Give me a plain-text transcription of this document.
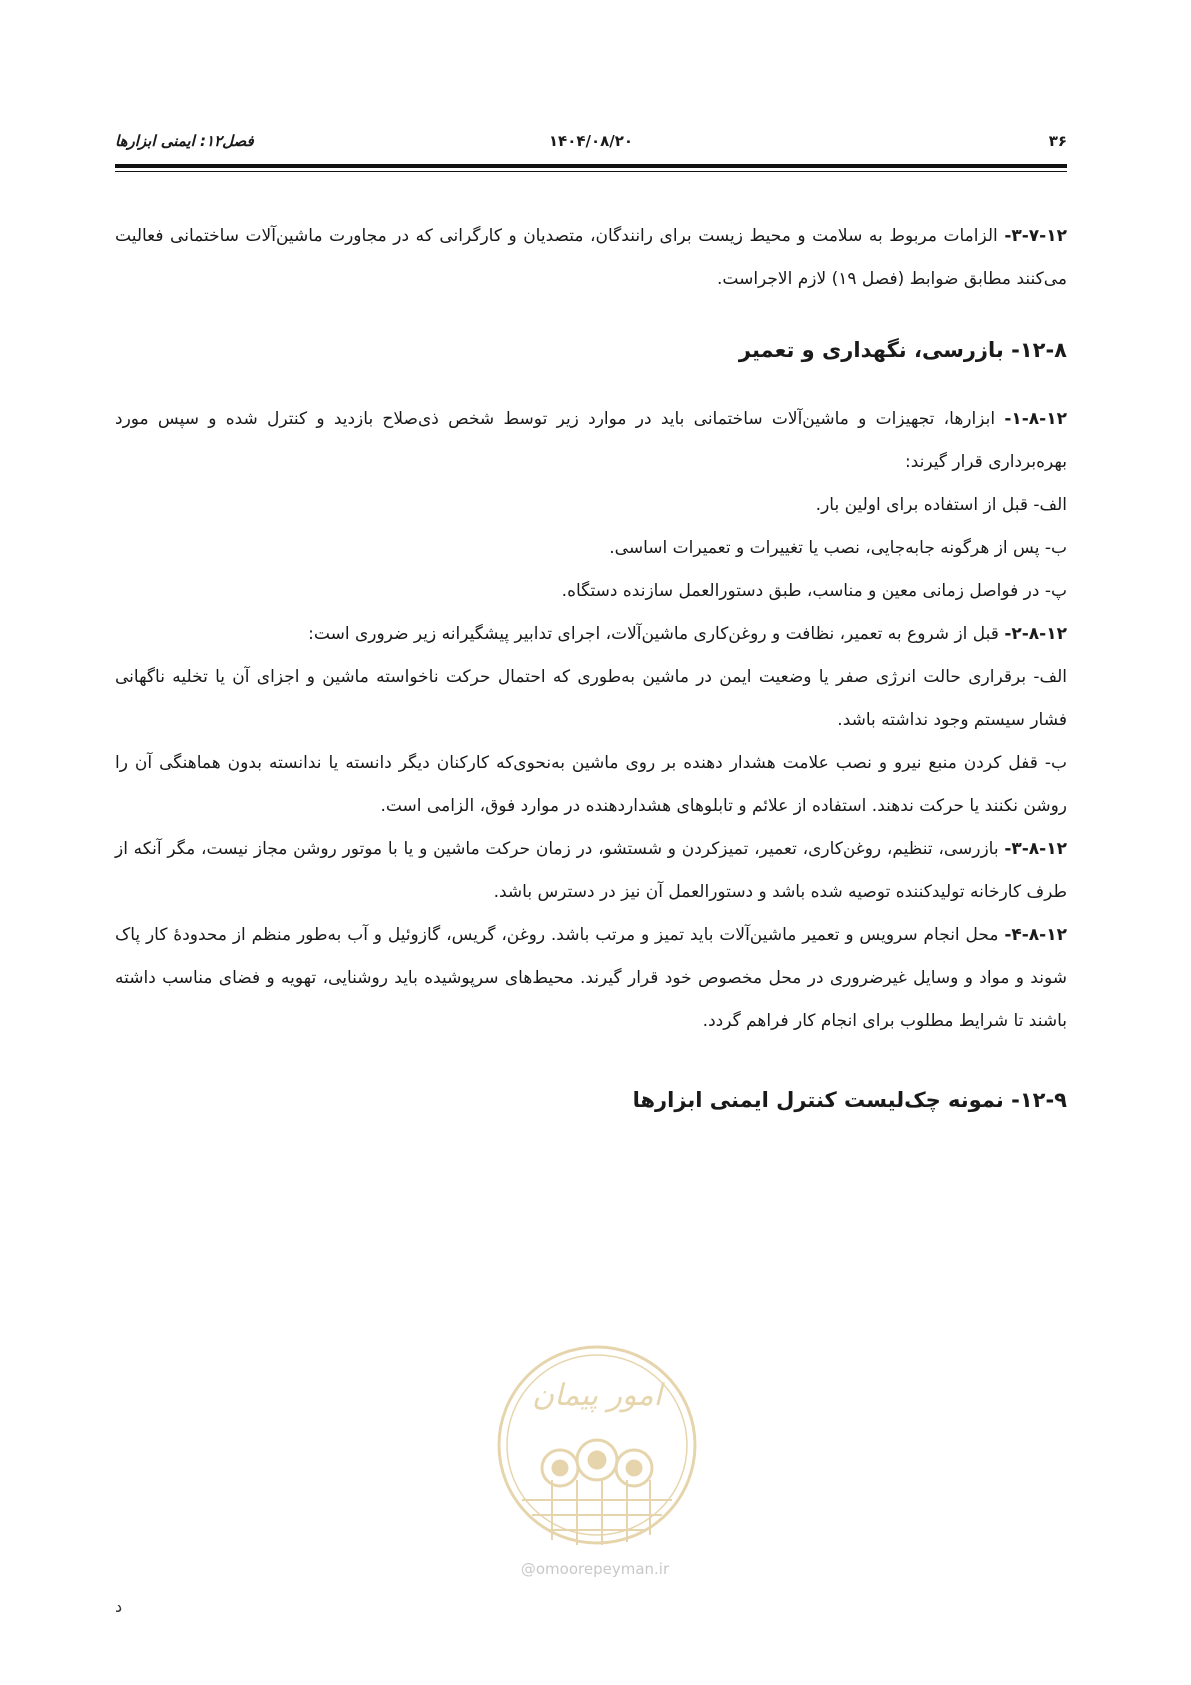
۳۶
۱۴۰۴/۰۸/۲۰
فصل۱۲: ایمنی ابزارها

۳-۷-۱۲- الزامات مربوط به سلامت و محیط زیست برای رانندگان، متصدیان و کارگرانی که در مجاورت ماشین‌آلات ساختمانی فعالیت می‌کنند مطابق ضوابط (فصل ۱۹) لازم الاجراست.

۱۲-۸- بازرسی، نگهداری و تعمیر

۱-۸-۱۲- ابزارها، تجهیزات و ماشین‌آلات ساختمانی باید در موارد زیر توسط شخص ذی‌صلاح بازدید و کنترل شده و سپس مورد بهره‌برداری قرار گیرند:

الف- قبل از استفاده برای اولین بار.

ب- پس از هرگونه جابه‌جایی، نصب یا تغییرات و تعمیرات اساسی.

پ- در فواصل زمانی معین و مناسب، طبق دستورالعمل سازنده دستگاه.

۲-۸-۱۲- قبل از شروع به تعمیر، نظافت و روغن‌کاری ماشین‌آلات، اجرای تدابیر پیشگیرانه زیر ضروری است:

الف- برقراری حالت انرژی صفر یا وضعیت ایمن در ماشین به‌طوری که احتمال حرکت ناخواسته ماشین و اجزای آن یا تخلیه ناگهانی فشار سیستم وجود نداشته باشد.

ب- قفل کردن منبع نیرو و نصب علامت هشدار دهنده بر روی ماشین به‌نحوی‌که کارکنان دیگر دانسته یا ندانسته بدون هماهنگی آن را روشن نکنند یا حرکت ندهند. استفاده از علائم و تابلوهای هشداردهنده در موارد فوق، الزامی است.

۳-۸-۱۲- بازرسی، تنظیم، روغن‌کاری، تعمیر، تمیزکردن و شستشو، در زمان حرکت ماشین و یا با موتور روشن مجاز نیست، مگر آنکه از طرف کارخانه تولیدکننده توصیه شده باشد و دستورالعمل آن نیز در دسترس باشد.

۴-۸-۱۲- محل انجام سرویس و تعمیر ماشین‌آلات باید تمیز و مرتب باشد. روغن، گریس، گازوئیل و آب به‌طور منظم از محدودهٔ کار پاک شوند و مواد و وسایل غیرضروری در محل مخصوص خود قرار گیرند. محیط‌های سرپوشیده باید روشنایی، تهویه و فضای مناسب داشته باشند تا شرایط مطلوب برای انجام کار فراهم گردد.

۱۲-۹- نمونه چک‌لیست کنترل ایمنی ابزارها
امور پیمان
@omoorepeyman.ir
د
